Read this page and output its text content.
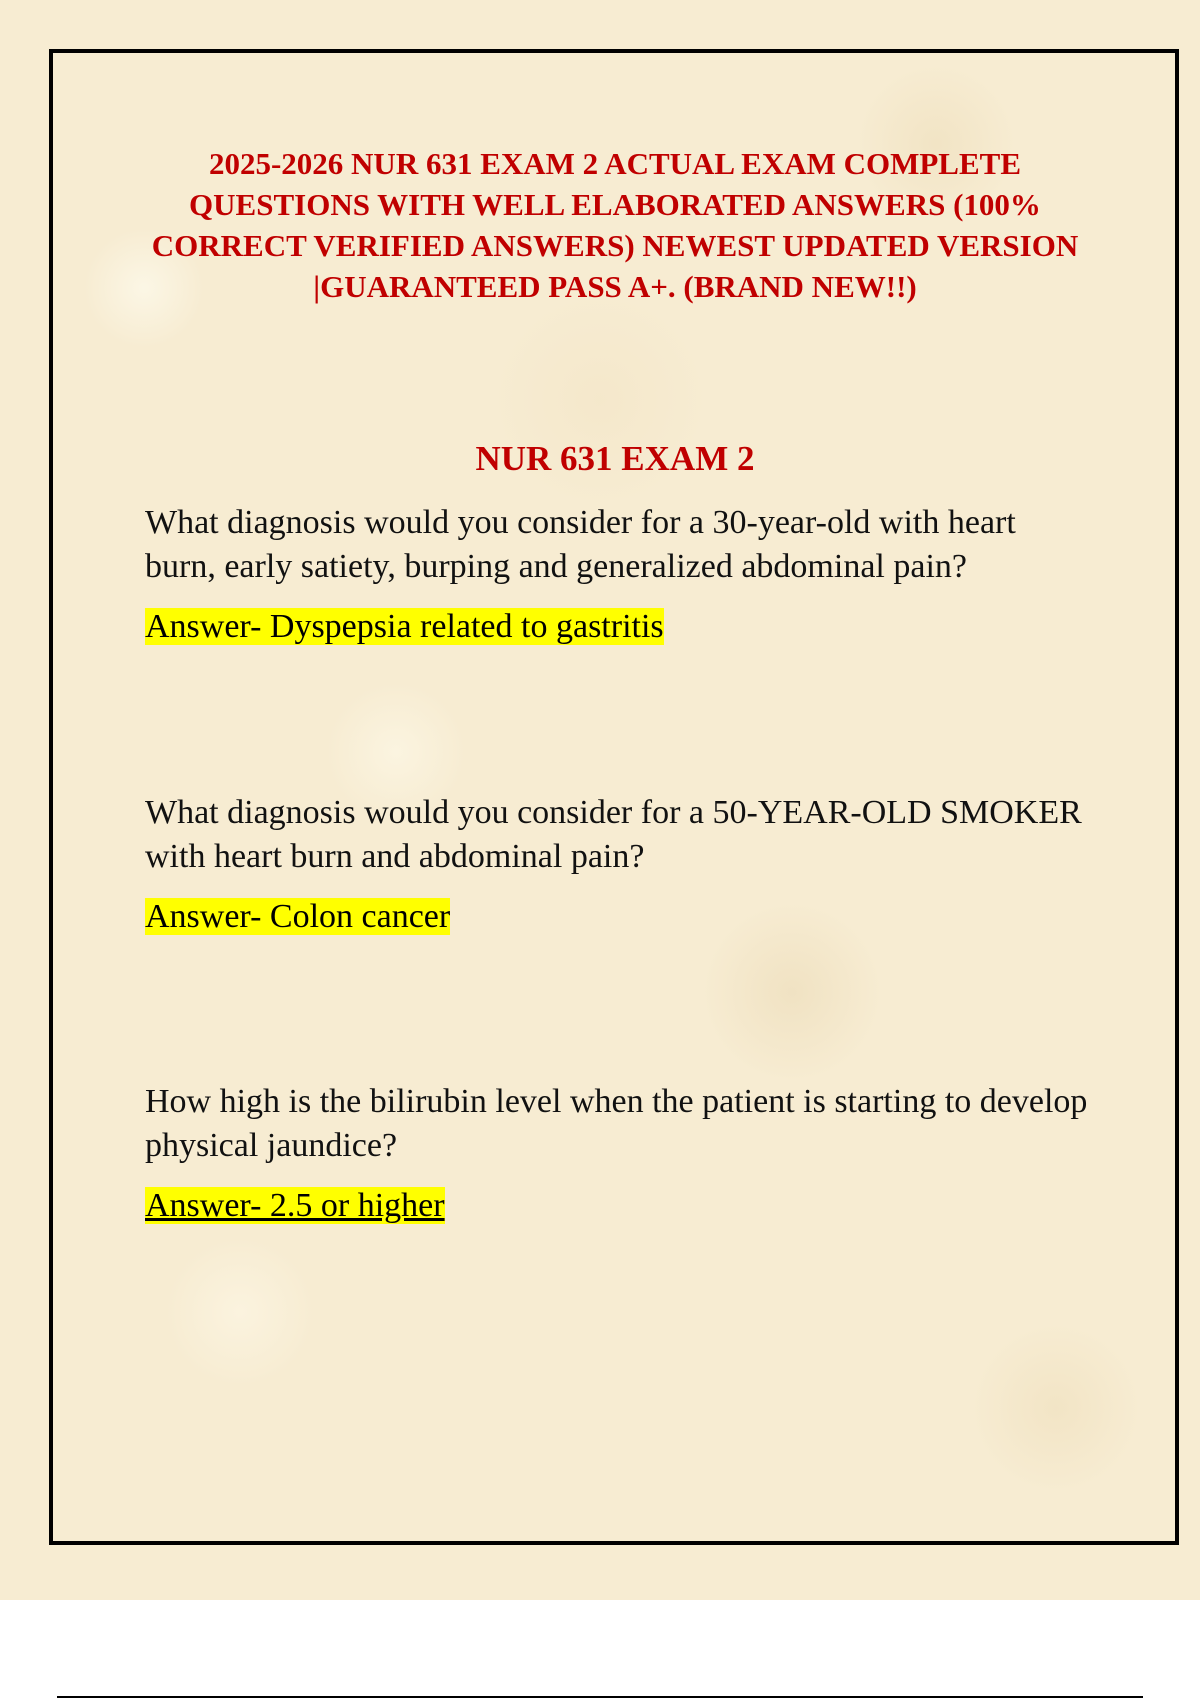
2025-2026 NUR 631 EXAM 2 ACTUAL EXAM COMPLETE QUESTIONS WITH WELL ELABORATED ANSWERS (100% CORRECT VERIFIED ANSWERS) NEWEST UPDATED VERSION |GUARANTEED PASS A+. (BRAND NEW!!)
NUR 631 EXAM 2

What diagnosis would you consider for a 30-year-old with heart burn, early satiety, burping and generalized abdominal pain?

Answer- Dyspepsia related to gastritis

What diagnosis would you consider for a 50-YEAR-OLD SMOKER with heart burn and abdominal pain?

Answer- Colon cancer

How high is the bilirubin level when the patient is starting to develop physical jaundice?

Answer- 2.5 or higher
